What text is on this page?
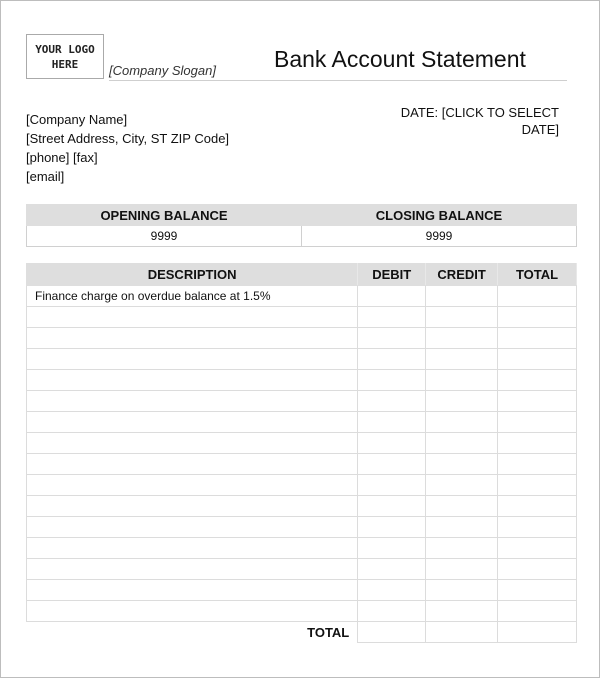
YOUR LOGO
HERE [Company Slogan]	Bank Account Statement
[Company Name]
[Street Address, City, ST ZIP Code]
[phone] [fax]
[email]
DATE: [CLICK TO SELECT
DATE]
OPENING BALANCE	CLOSING BALANCE
9999	9999
DESCRIPTION	DEBIT	CREDIT	TOTAL
Finance charge on overdue balance at 1.5%			

TOTAL			
